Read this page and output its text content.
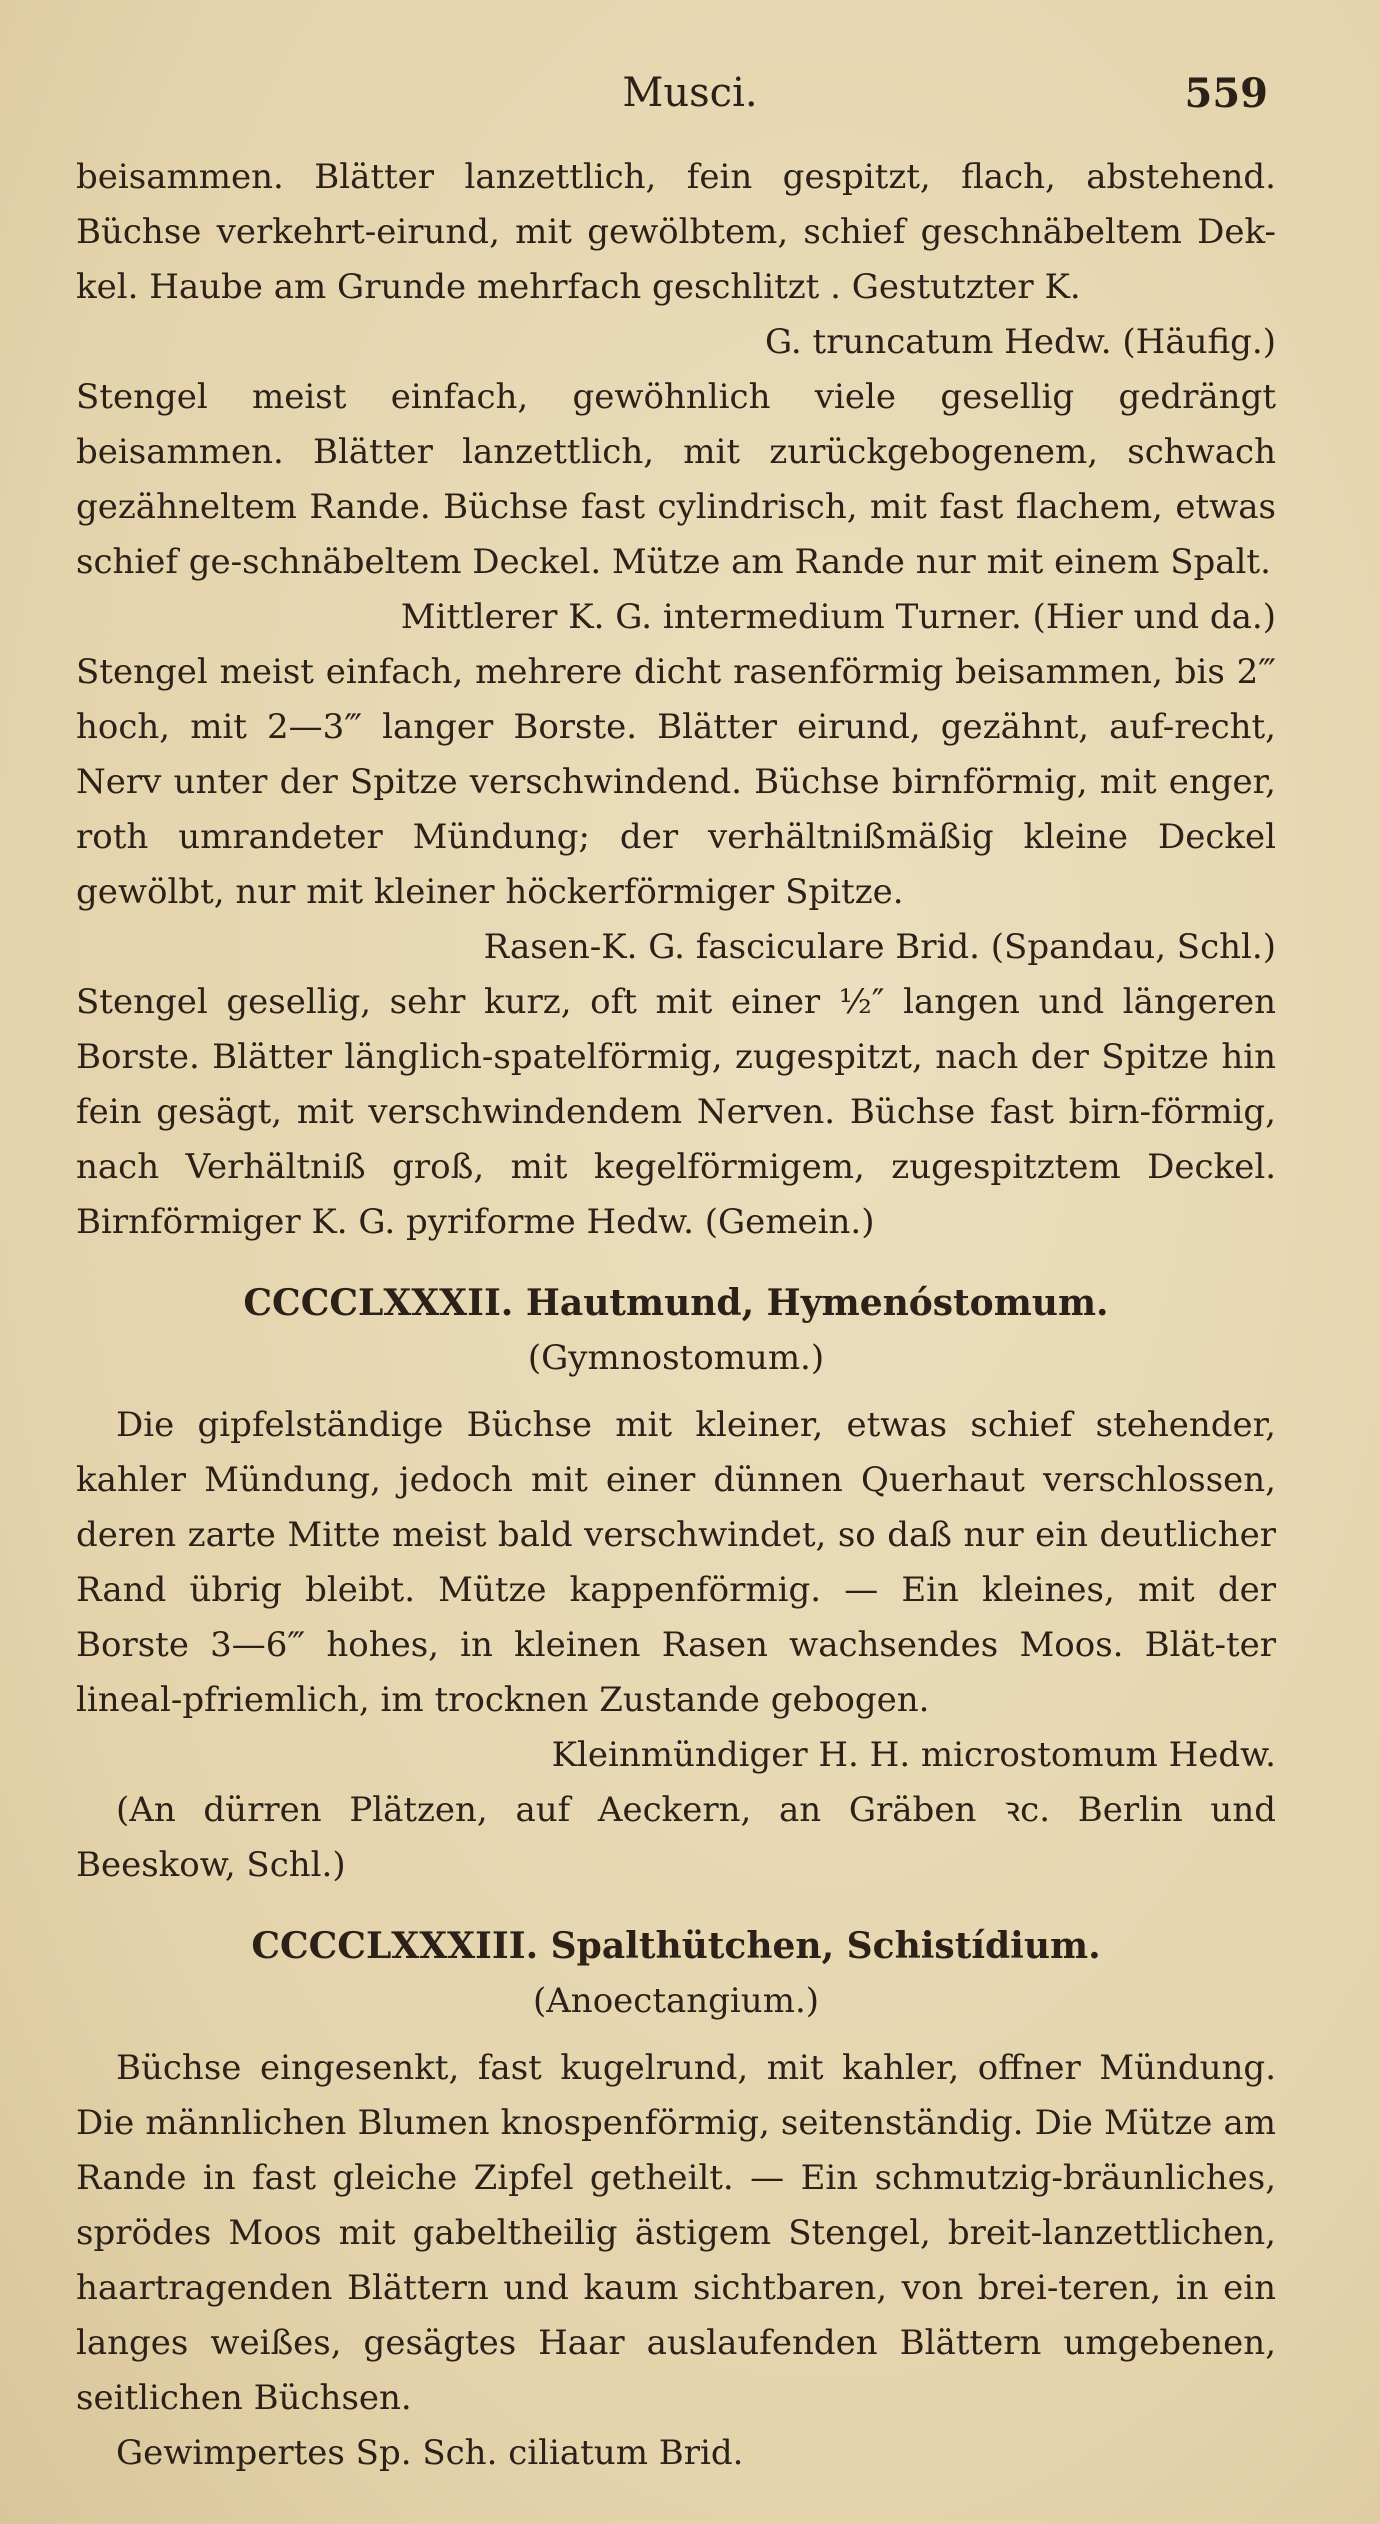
Musci.	559

beisammen. Blätter lanzettlich, fein gespitzt, flach, abstehend. Büchse verkehrt-eirund, mit gewölbtem, schief geschnäbeltem Dek-kel. Haube am Grunde mehrfach geschlitzt . Gestutzter K.

G. truncatum Hedw. (Häufig.)

Stengel meist einfach, gewöhnlich viele gesellig gedrängt beisammen. Blätter lanzettlich, mit zurückgebogenem, schwach gezähneltem Rande. Büchse fast cylindrisch, mit fast flachem, etwas schief ge-schnäbeltem Deckel. Mütze am Rande nur mit einem Spalt.

Mittlerer K. G. intermedium Turner. (Hier und da.)

Stengel meist einfach, mehrere dicht rasenförmig beisammen, bis 2‴ hoch, mit 2—3‴ langer Borste. Blätter eirund, gezähnt, auf-recht, Nerv unter der Spitze verschwindend. Büchse birnförmig, mit enger, roth umrandeter Mündung; der verhältnißmäßig kleine Deckel gewölbt, nur mit kleiner höckerförmiger Spitze.

Rasen-K. G. fasciculare Brid. (Spandau, Schl.)

Stengel gesellig, sehr kurz, oft mit einer ½″ langen und längeren Borste. Blätter länglich-spatelförmig, zugespitzt, nach der Spitze hin fein gesägt, mit verschwindendem Nerven. Büchse fast birn-förmig, nach Verhältniß groß, mit kegelförmigem, zugespitztem Deckel. Birnförmiger K. G. pyriforme Hedw. (Gemein.)

CCCCLXXXII. Hautmund, Hymenóstomum.
(Gymnostomum.)

Die gipfelständige Büchse mit kleiner, etwas schief stehender, kahler Mündung, jedoch mit einer dünnen Querhaut verschlossen, deren zarte Mitte meist bald verschwindet, so daß nur ein deutlicher Rand übrig bleibt. Mütze kappenförmig. — Ein kleines, mit der Borste 3—6‴ hohes, in kleinen Rasen wachsendes Moos. Blät-ter lineal-pfriemlich, im trocknen Zustande gebogen.

Kleinmündiger H. H. microstomum Hedw.

(An dürren Plätzen, auf Aeckern, an Gräben ꝛc. Berlin und Beeskow, Schl.)

CCCCLXXXIII. Spalthütchen, Schistídium.
(Anoectangium.)

Büchse eingesenkt, fast kugelrund, mit kahler, offner Mündung. Die männlichen Blumen knospenförmig, seitenständig. Die Mütze am Rande in fast gleiche Zipfel getheilt. — Ein schmutzig-bräunliches, sprödes Moos mit gabeltheilig ästigem Stengel, breit-lanzettlichen, haartragenden Blättern und kaum sichtbaren, von brei-teren, in ein langes weißes, gesägtes Haar auslaufenden Blättern umgebenen, seitlichen Büchsen.

Gewimpertes Sp. Sch. ciliatum Brid.
